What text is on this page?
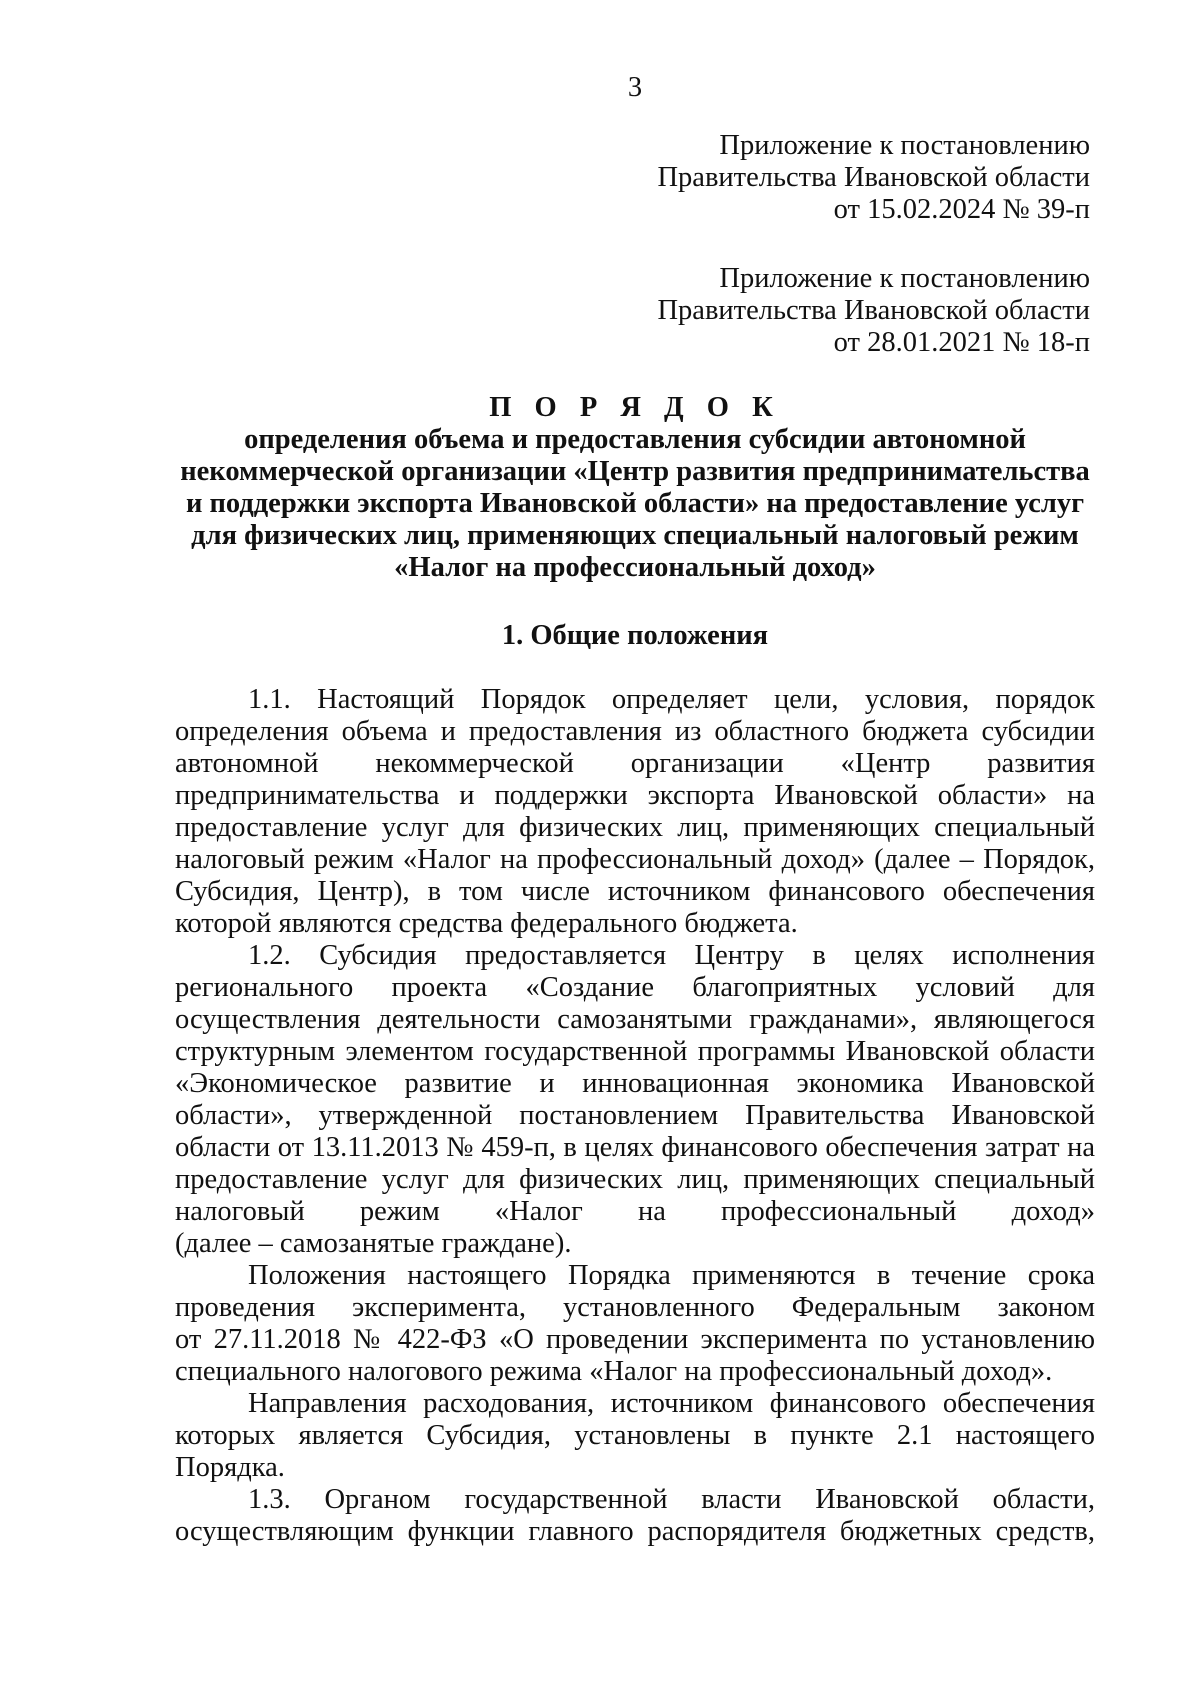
3
Приложение к постановлению
Правительства Ивановской области
от 15.02.2024 № 39-п
Приложение к постановлению
Правительства Ивановской области
от 28.01.2021 № 18-п
П О Р Я Д О К
определения объема и предоставления субсидии автономной
некоммерческой организации «Центр развития предпринимательства
и поддержки экспорта Ивановской области» на предоставление услуг
для физических лиц, применяющих специальный налоговый режим
«Налог на профессиональный доход»
1. Общие положения
1.1. Настоящий Порядок определяет цели, условия, порядок
определения объема и предоставления из областного бюджета субсидии
автономной некоммерческой организации «Центр развития
предпринимательства и поддержки экспорта Ивановской области» на
предоставление услуг для физических лиц, применяющих специальный
налоговый режим «Налог на профессиональный доход» (далее – Порядок,
Субсидия, Центр), в том числе источником финансового обеспечения
которой являются средства федерального бюджета.
1.2. Субсидия предоставляется Центру в целях исполнения
регионального проекта «Создание благоприятных условий для
осуществления деятельности самозанятыми гражданами», являющегося
структурным элементом государственной программы Ивановской области
«Экономическое развитие и инновационная экономика Ивановской
области», утвержденной постановлением Правительства Ивановской
области от 13.11.2013 № 459-п, в целях финансового обеспечения затрат на
предоставление услуг для физических лиц, применяющих специальный
налоговый режим «Налог на профессиональный доход»
(далее – самозанятые граждане).
Положения настоящего Порядка применяются в течение срока
проведения эксперимента, установленного Федеральным законом
от 27.11.2018 № 422-ФЗ «О проведении эксперимента по установлению
специального налогового режима «Налог на профессиональный доход».
Направления расходования, источником финансового обеспечения
которых является Субсидия, установлены в пункте 2.1 настоящего
Порядка.
1.3. Органом государственной власти Ивановской области,
осуществляющим функции главного распорядителя бюджетных средств,
